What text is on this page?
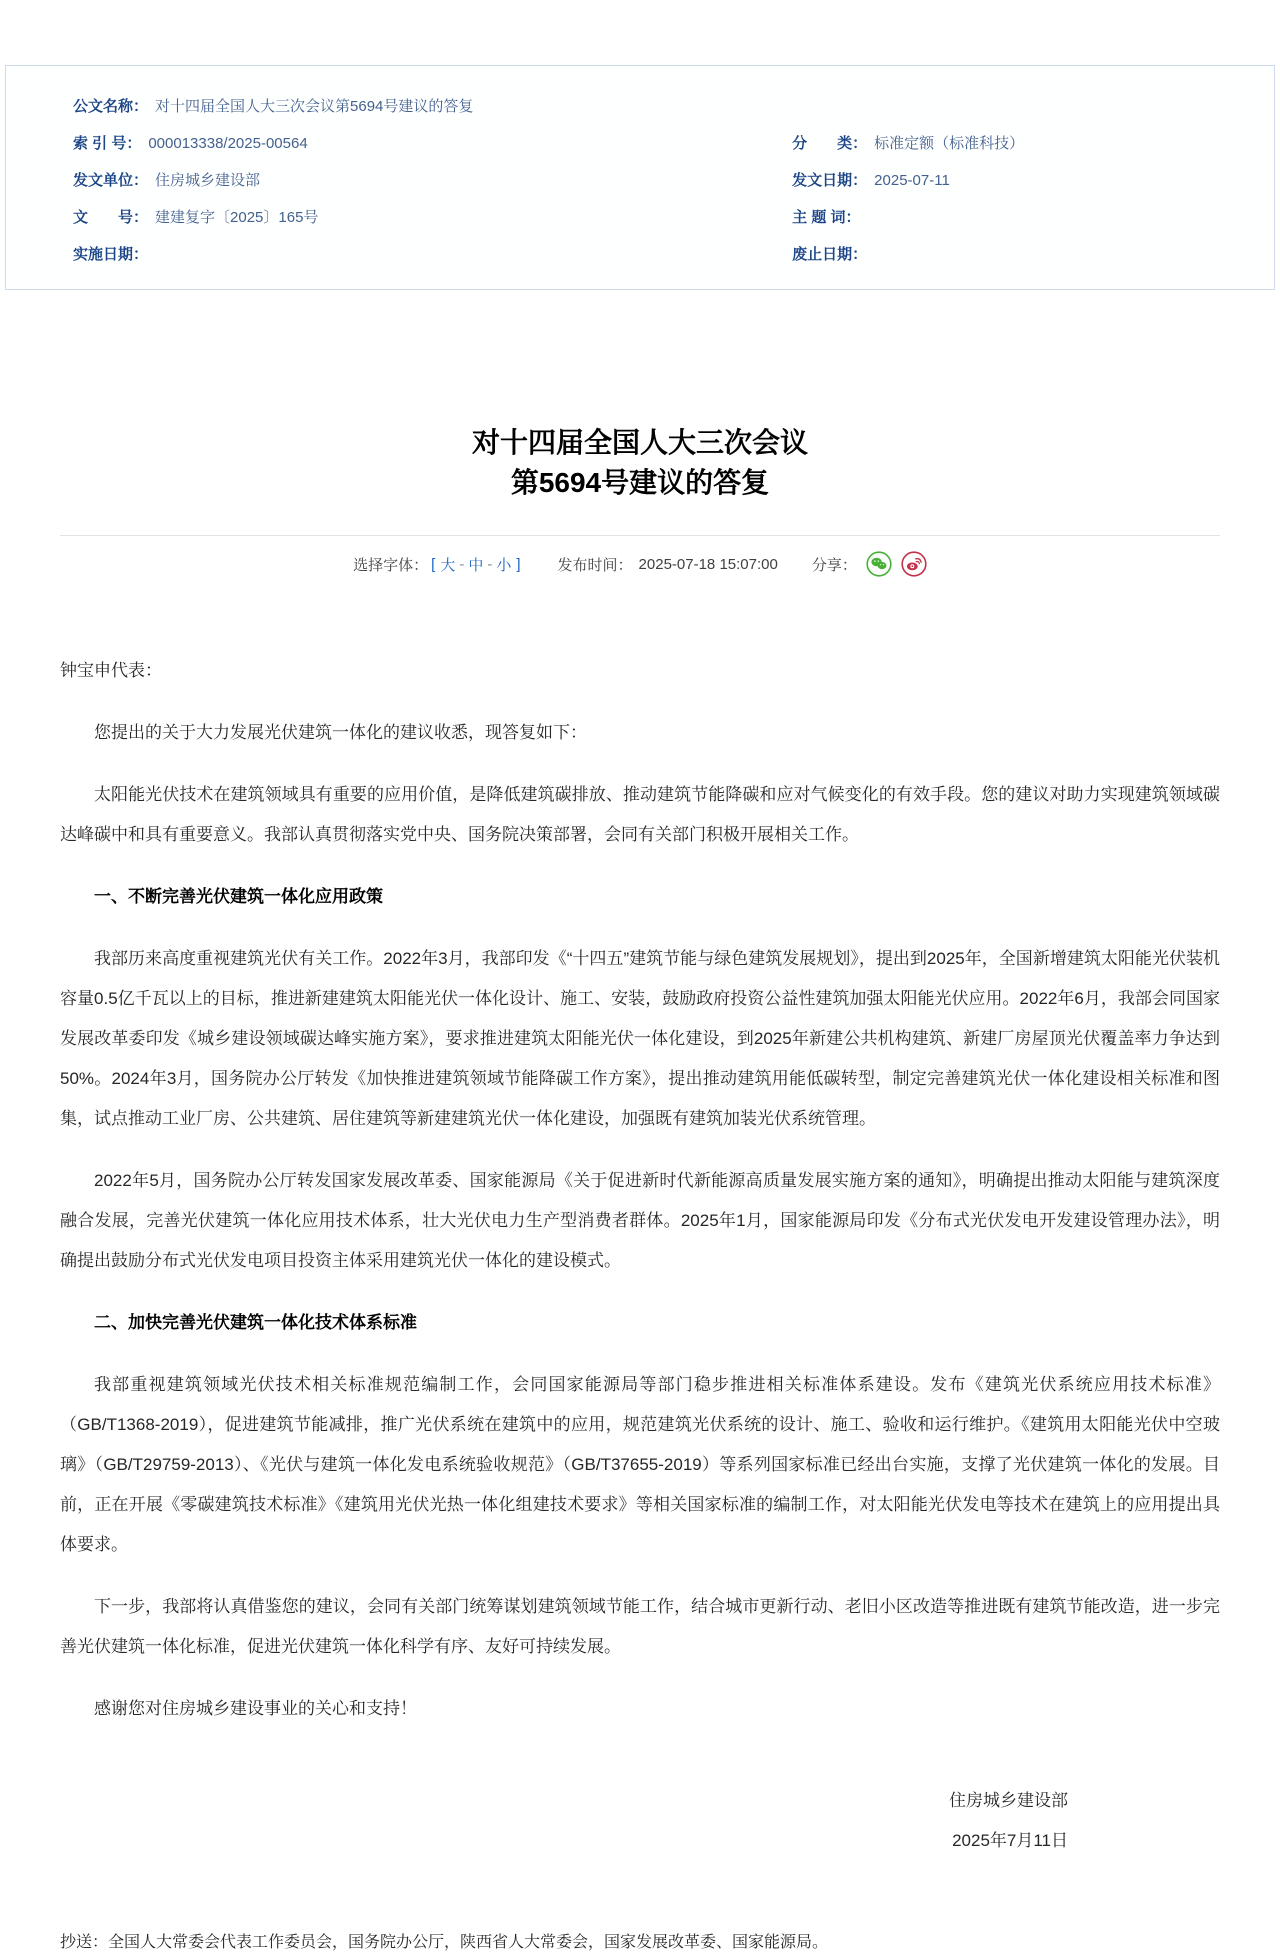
公文名称： 对十四届全国人大三次会议第5694号建议的答复
索 引 号： 000013338/2025-00564	分　　类： 标准定额（标准科技）
发文单位： 住房城乡建设部	发文日期： 2025-07-11
文　　号： 建建复字〔2025〕165号	主 题 词：
实施日期：	废止日期：
对十四届全国人大三次会议
第5694号建议的答复
选择字体： [ 大 - 中 - 小 ] 发布时间： 2025-07-18 15:07:00 分享：

钟宝申代表：

您提出的关于大力发展光伏建筑一体化的建议收悉，现答复如下：

太阳能光伏技术在建筑领域具有重要的应用价值，是降低建筑碳排放、推动建筑节能降碳和应对气候变化的有效手段。您的建议对助力实现建筑领域碳达峰碳中和具有重要意义。我部认真贯彻落实党中央、国务院决策部署，会同有关部门积极开展相关工作。

一、不断完善光伏建筑一体化应用政策

我部历来高度重视建筑光伏有关工作。2022年3月，我部印发《“十四五”建筑节能与绿色建筑发展规划》，提出到2025年，全国新增建筑太阳能光伏装机容量0.5亿千瓦以上的目标，推进新建建筑太阳能光伏一体化设计、施工、安装，鼓励政府投资公益性建筑加强太阳能光伏应用。2022年6月，我部会同国家发展改革委印发《城乡建设领域碳达峰实施方案》，要求推进建筑太阳能光伏一体化建设，到2025年新建公共机构建筑、新建厂房屋顶光伏覆盖率力争达到50%。2024年3月，国务院办公厅转发《加快推进建筑领域节能降碳工作方案》，提出推动建筑用能低碳转型，制定完善建筑光伏一体化建设相关标准和图集，试点推动工业厂房、公共建筑、居住建筑等新建建筑光伏一体化建设，加强既有建筑加装光伏系统管理。

2022年5月，国务院办公厅转发国家发展改革委、国家能源局《关于促进新时代新能源高质量发展实施方案的通知》，明确提出推动太阳能与建筑深度融合发展，完善光伏建筑一体化应用技术体系，壮大光伏电力生产型消费者群体。2025年1月，国家能源局印发《分布式光伏发电开发建设管理办法》，明确提出鼓励分布式光伏发电项目投资主体采用建筑光伏一体化的建设模式。

二、加快完善光伏建筑一体化技术体系标准

我部重视建筑领域光伏技术相关标准规范编制工作，会同国家能源局等部门稳步推进相关标准体系建设。发布《建筑光伏系统应用技术标准》（GB/T1368-2019），促进建筑节能减排，推广光伏系统在建筑中的应用，规范建筑光伏系统的设计、施工、验收和运行维护。《建筑用太阳能光伏中空玻璃》（GB/T29759-2013）、《光伏与建筑一体化发电系统验收规范》（GB/T37655-2019）等系列国家标准已经出台实施，支撑了光伏建筑一体化的发展。目前，正在开展《零碳建筑技术标准》《建筑用光伏光热一体化组建技术要求》等相关国家标准的编制工作，对太阳能光伏发电等技术在建筑上的应用提出具体要求。

下一步，我部将认真借鉴您的建议，会同有关部门统筹谋划建筑领域节能工作，结合城市更新行动、老旧小区改造等推进既有建筑节能改造，进一步完善光伏建筑一体化标准，促进光伏建筑一体化科学有序、友好可持续发展。

感谢您对住房城乡建设事业的关心和支持！

住房城乡建设部
2025年7月11日
抄送：全国人大常委会代表工作委员会，国务院办公厅，陕西省人大常委会，国家发展改革委、国家能源局。
